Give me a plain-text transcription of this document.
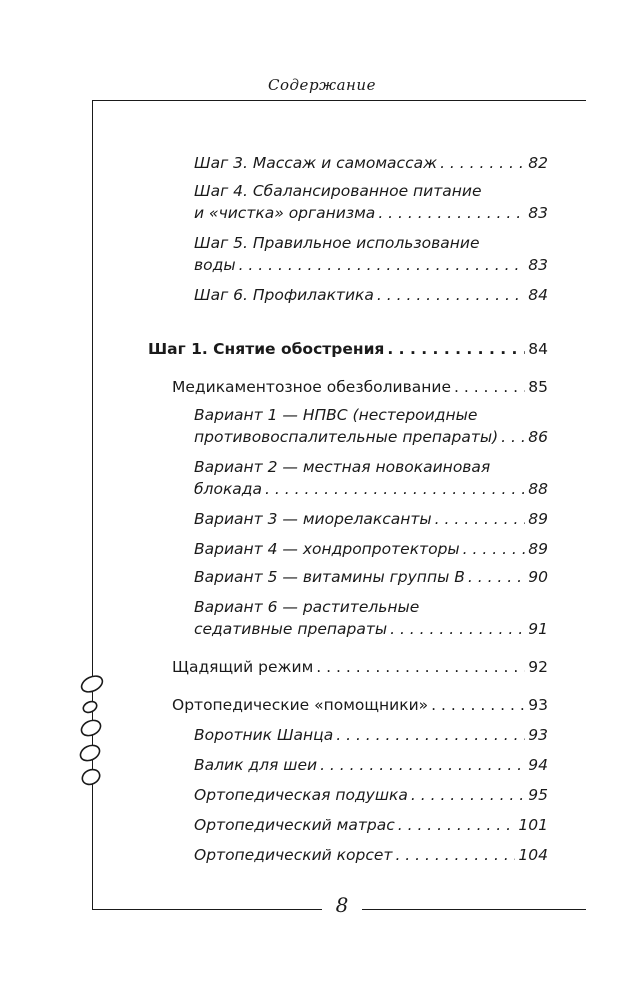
Содержание
8
Шаг 3. Массаж и самомассаж . . .	82
Шаг 4. Сбалансированное питание
и «чистка» организма . . .	83
Шаг 5. Правильное использование
воды . . .	83
Шаг 6. Профилактика . . .	84
Шаг 1. Снятие обострения . . .	84
Медикаментозное обезболивание . . .	85
Вариант 1 — НПВС (нестероидные
противовоспалительные препараты) . . . 86
Вариант 2 — местная новокаиновая
блокада . . .	88
Вариант 3 — миорелаксанты . . .	89
Вариант 4 — хондропротекторы . . .	89
Вариант 5 — витамины группы В . . .	90
Вариант 6 — растительные
седативные препараты . . .	91
Щадящий режим . . .	92
Ортопедические «помощники» . . .	93
Воротник Шанца . . .	93
Валик для шеи . . .	94
Ортопедическая подушка . . .	95
Ортопедический матрас . . .	101
Ортопедический корсет . . .	104
